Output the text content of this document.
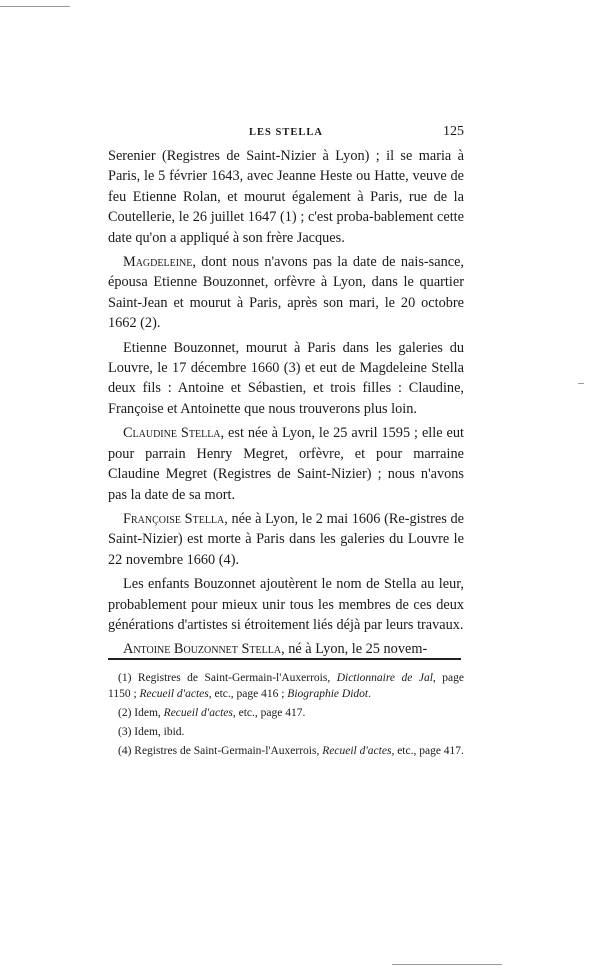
LES STELLA	125

Serenier (Registres de Saint-Nizier à Lyon) ; il se maria à Paris, le 5 février 1643, avec Jeanne Heste ou Hatte, veuve de feu Etienne Rolan, et mourut également à Paris, rue de la Coutellerie, le 26 juillet 1647 (1) ; c'est proba-bablement cette date qu'on a appliqué à son frère Jacques.

Magdeleine, dont nous n'avons pas la date de nais-sance, épousa Etienne Bouzonnet, orfèvre à Lyon, dans le quartier Saint-Jean et mourut à Paris, après son mari, le 20 octobre 1662 (2).

Etienne Bouzonnet, mourut à Paris dans les galeries du Louvre, le 17 décembre 1660 (3) et eut de Magdeleine Stella deux fils : Antoine et Sébastien, et trois filles : Claudine, Françoise et Antoinette que nous trouverons plus loin.

Claudine Stella, est née à Lyon, le 25 avril 1595 ; elle eut pour parrain Henry Megret, orfèvre, et pour marraine Claudine Megret (Registres de Saint-Nizier) ; nous n'avons pas la date de sa mort.

Françoise Stella, née à Lyon, le 2 mai 1606 (Re-gistres de Saint-Nizier) est morte à Paris dans les galeries du Louvre le 22 novembre 1660 (4).

Les enfants Bouzonnet ajoutèrent le nom de Stella au leur, probablement pour mieux unir tous les membres de ces deux générations d'artistes si étroitement liés déjà par leurs travaux.

Antoine Bouzonnet Stella, né à Lyon, le 25 novem-

(1) Registres de Saint-Germain-l'Auxerrois, Dictionnaire de Jal, page 1150 ; Recueil d'actes, etc., page 416 ; Biographie Didot.

(2) Idem, Recueil d'actes, etc., page 417.

(3) Idem, ibid.

(4) Registres de Saint-Germain-l'Auxerrois, Recueil d'actes, etc., page 417.
